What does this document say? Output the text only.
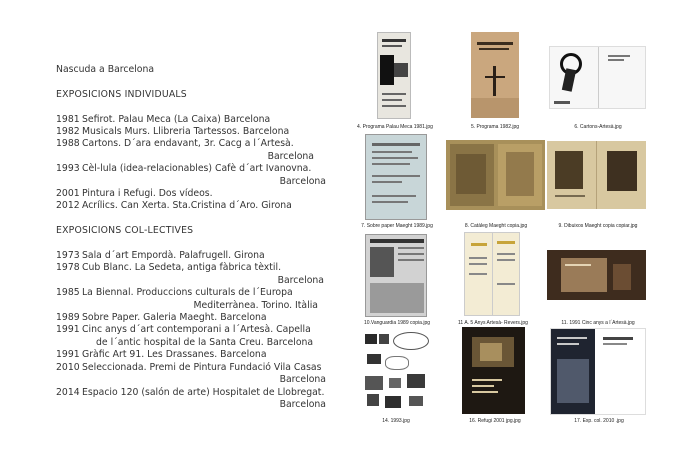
Nascuda a Barcelona
EXPOSICIONS INDIVIDUALS
1981 Sefirot. Palau Meca (La Caixa) Barcelona
1982 Musicals Murs. Llibreria Tartessos. Barcelona
1988 Cartons. D´ara endavant, 3r. Cacg a l´Artesà.
Barcelona
1993 Cèl-lula (idea-relacionables) Cafè d´art Ivanovna.
Barcelona
2001 Pintura i Refugi. Dos vídeos.
2012 Acrílics. Can Xerta. Sta.Cristina d´Aro. Girona
EXPOSICIONS COL-LECTIVES
1973 Sala d´art Empordà. Palafrugell. Girona
1978 Cub Blanc. La Sedeta, antiga fàbrica tèxtil.
Barcelona
1985 La Biennal. Produccions culturals de l´Europa
Mediterrànea. Torino. Itàlia
1989 Sobre Paper. Galeria Maeght. Barcelona
1991 Cinc anys d´art contemporani a l´Artesà. Capella
de l´antic hospital de la Santa Creu. Barcelona
1991 Gràfic Art 91. Les Drassanes. Barcelona
2010 Seleccionada. Premi de Pintura Fundació Vila Casas
Barcelona
2014 Espacio 120 (salón de arte) Hospitalet de Llobregat.
Barcelona
4. Programa Palau Meca 1981.jpg	5. Programa 1982.jpg	6. Cartons-Artesà.jpg
7. Sobre paper Maeght 1989.jpg	8. Catàleg Maeght copia.jpg	9. Dibuixos Maeght copia copiar.jpg
10.Vanguardia 1989 copia.jpg	11 A. 5 Anys Artesà- Revers.jpg	11. 1991 Cinc anys a l´Artesà.jpg
14. 1993.jpg	16. Refugi 2001 jpg.jpg	17. Exp. col. 2010 .jpg
